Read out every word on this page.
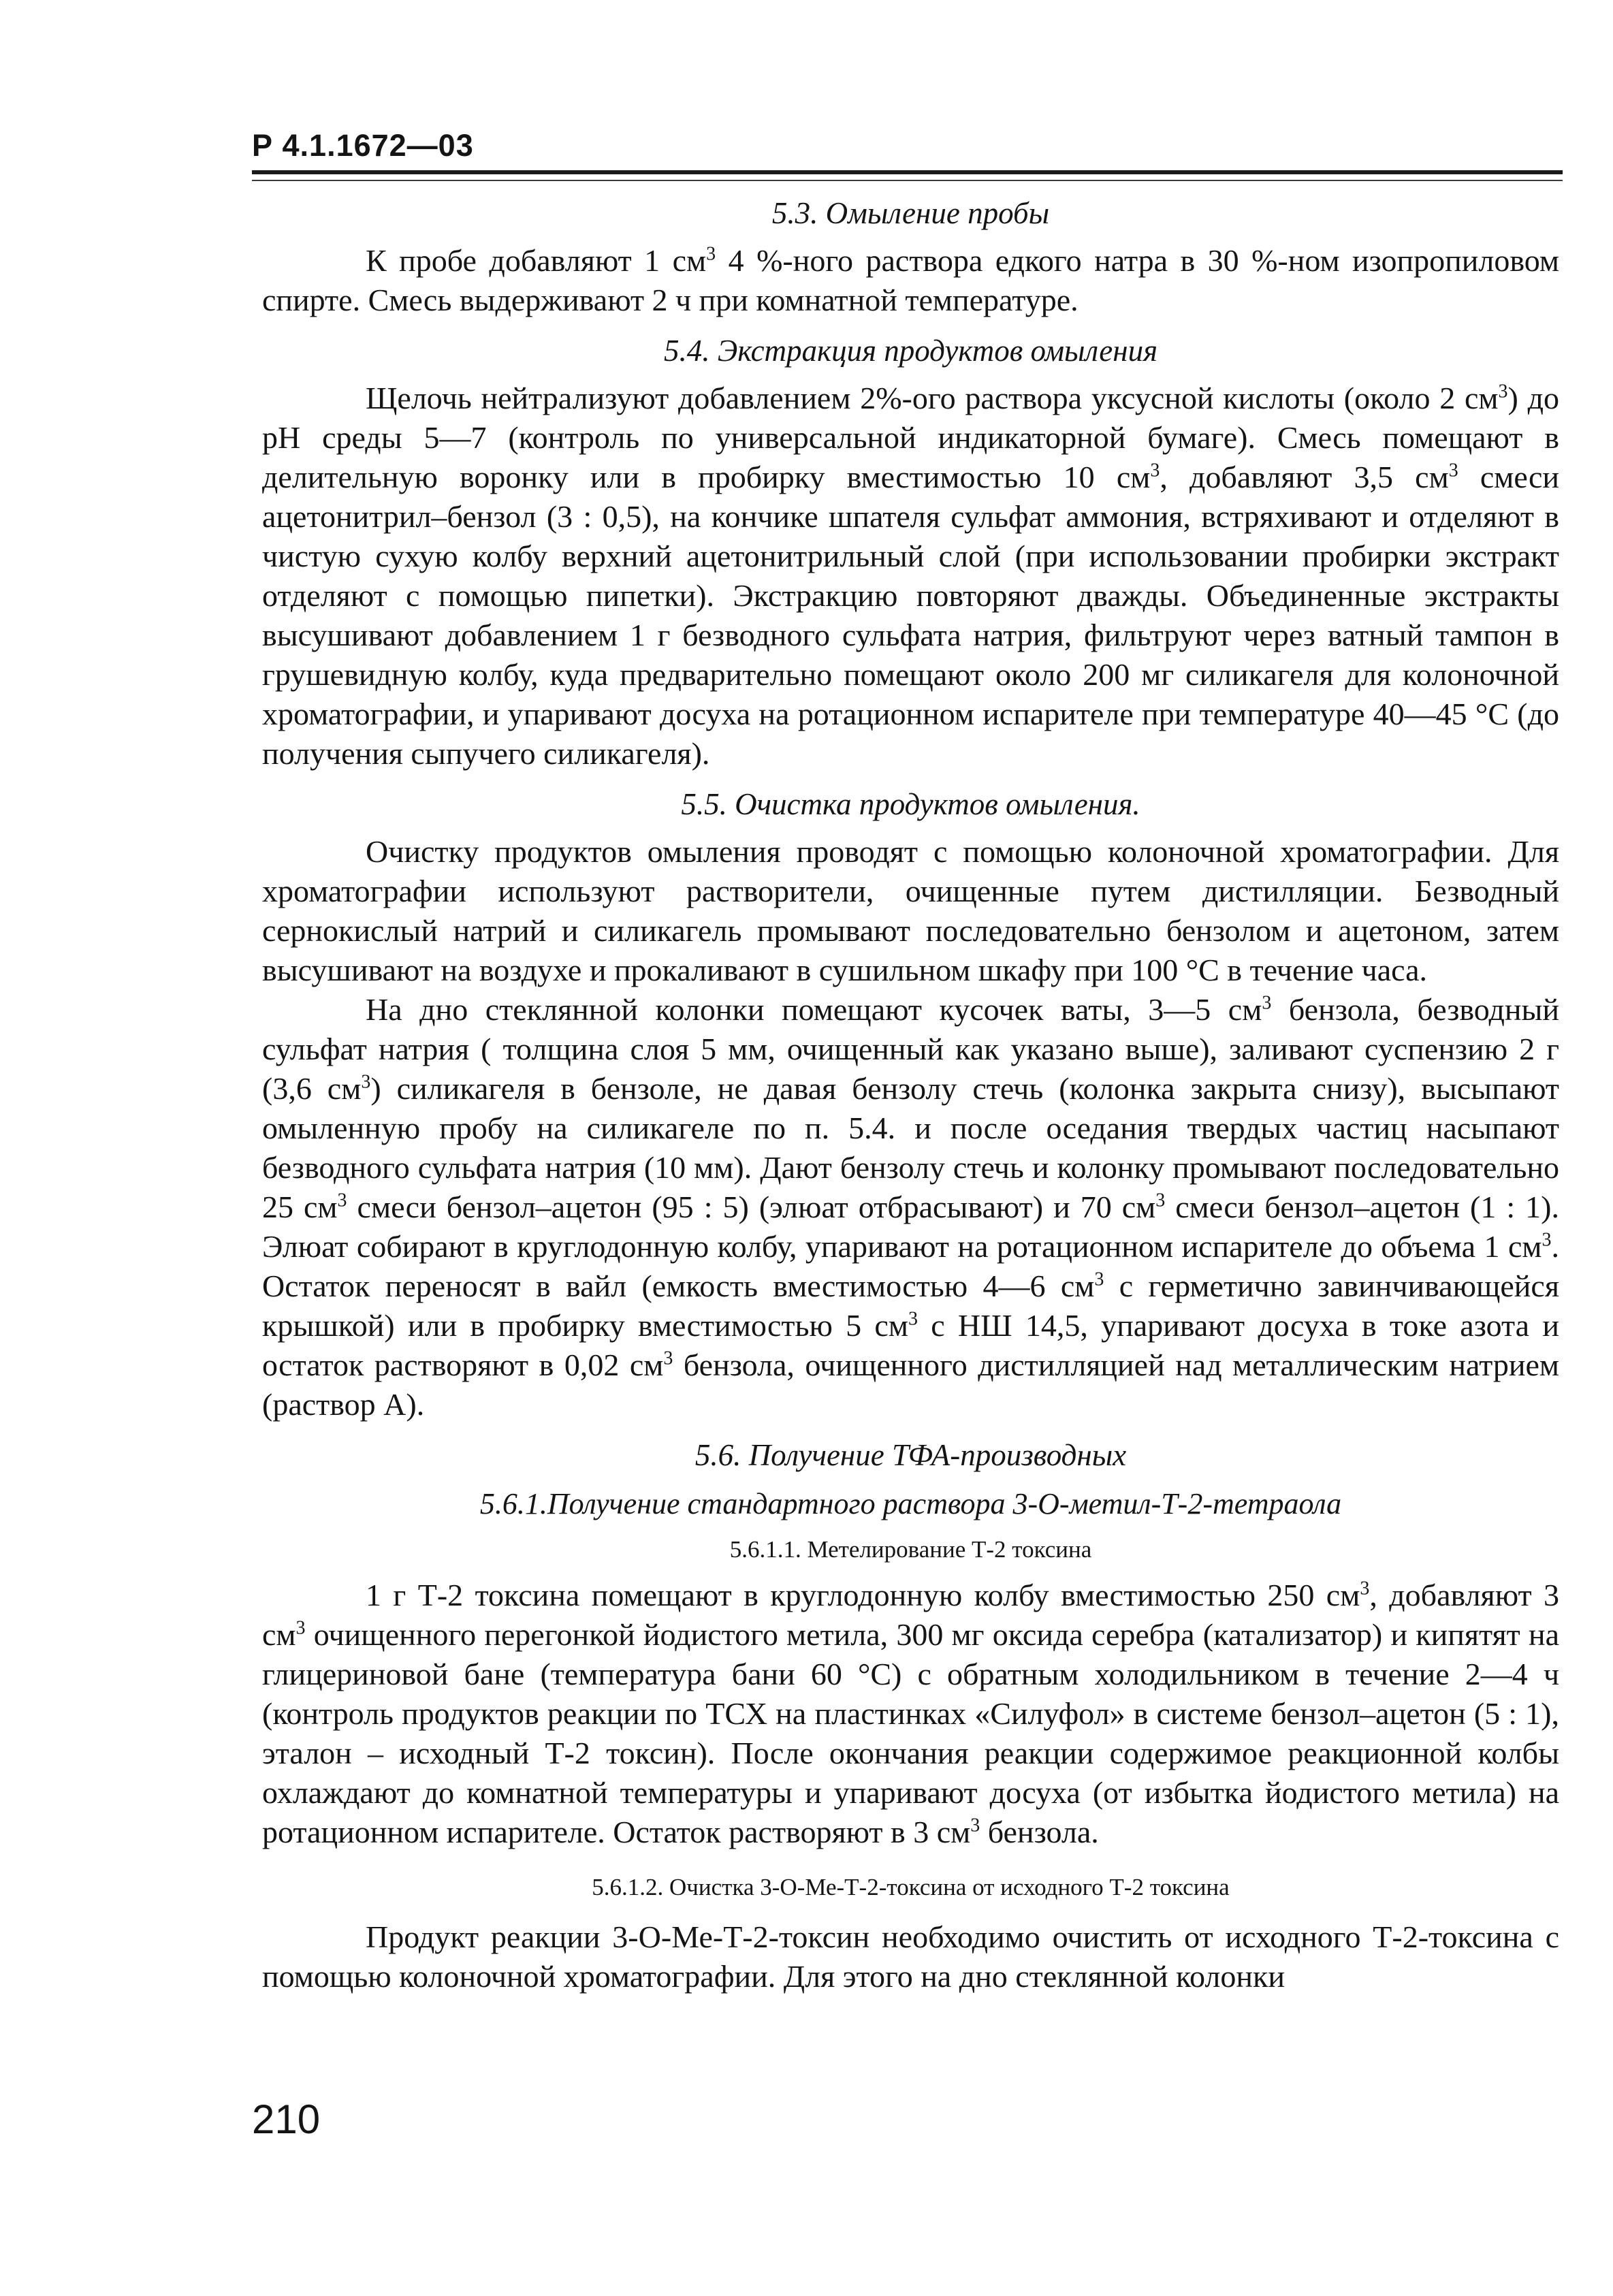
Р 4.1.1672—03
5.3. Омыление пробы

К пробе добавляют 1 $см^3$ 4 %-ного раствора едкого натра в 30 %-ном изопропиловом спирте. Смесь выдерживают 2 ч при комнатной температуре.

5.4. Экстракция продуктов омыления

Щелочь нейтрализуют добавлением 2%-ого раствора уксусной кислоты (около 2 $см^3$) до pH среды 5—7 (контроль по универсальной индикаторной бумаге). Смесь помещают в делительную воронку или в пробирку вместимостью 10 $см^3$, добавляют 3,5 $см^3$ смеси ацетонитрил–бензол (3 : 0,5), на кончике шпателя сульфат аммония, встряхивают и отделяют в чистую сухую колбу верхний ацетонитрильный слой (при использовании пробирки экстракт отделяют с помощью пипетки). Экстракцию повторяют дважды. Объединенные экстракты высушивают добавлением 1 г безводного сульфата натрия, фильтруют через ватный тампон в грушевидную колбу, куда предварительно помещают около 200 мг силикагеля для колоночной хроматографии, и упаривают досуха на ротационном испарителе при температуре 40—45 °С (до получения сыпучего силикагеля).

5.5. Очистка продуктов омыления.

Очистку продуктов омыления проводят с помощью колоночной хроматографии. Для хроматографии используют растворители, очищенные путем дистилляции. Безводный сернокислый натрий и силикагель промывают последовательно бензолом и ацетоном, затем высушивают на воздухе и прокаливают в сушильном шкафу при 100 °С в течение часа.

На дно стеклянной колонки помещают кусочек ваты, 3—5 $см^3$ бензола, безводный сульфат натрия ( толщина слоя 5 мм, очищенный как указано выше), заливают суспензию 2 г (3,6 $см^3$) силикагеля в бензоле, не давая бензолу стечь (колонка закрыта снизу), высыпают омыленную пробу на силикагеле по п. 5.4. и после оседания твердых частиц насыпают безводного сульфата натрия (10 мм). Дают бензолу стечь и колонку промывают последовательно 25 $см^3$ смеси бензол–ацетон (95 : 5) (элюат отбрасывают) и 70 $см^3$ смеси бензол–ацетон (1 : 1). Элюат собирают в круглодонную колбу, упаривают на ротационном испарителе до объема 1 $см^3$. Остаток переносят в вайл (емкость вместимостью 4—6 $см^3$ с герметично завинчивающейся крышкой) или в пробирку вместимостью 5 $см^3$ с НШ 14,5, упаривают досуха в токе азота и остаток растворяют в 0,02 $см^3$ бензола, очищенного дистилляцией над металлическим натрием (раствор А).

5.6. Получение ТФА-производных
5.6.1.Получение стандартного раствора 3-О-метил-Т-2-тетраола
5.6.1.1. Метелирование Т-2 токсина

1 г Т-2 токсина помещают в круглодонную колбу вместимостью 250 $см^3$, добавляют 3 $см^3$ очищенного перегонкой йодистого метила, 300 мг оксида серебра (катализатор) и кипятят на глицериновой бане (температура бани 60 °С) с обратным холодильником в течение 2—4 ч (контроль продуктов реакции по ТСХ на пластинках «Силуфол» в системе бензол–ацетон (5 : 1), эталон – исходный Т-2 токсин). После окончания реакции содержимое реакционной колбы охлаждают до комнатной температуры и упаривают досуха (от избытка йодистого метила) на ротационном испарителе. Остаток растворяют в 3 $см^3$ бензола.

5.6.1.2. Очистка 3-О-Ме-Т-2-токсина от исходного Т-2 токсина

Продукт реакции 3-О-Ме-Т-2-токсин необходимо очистить от исходного Т-2-токсина с помощью колоночной хроматографии. Для этого на дно стеклянной колонки

210
